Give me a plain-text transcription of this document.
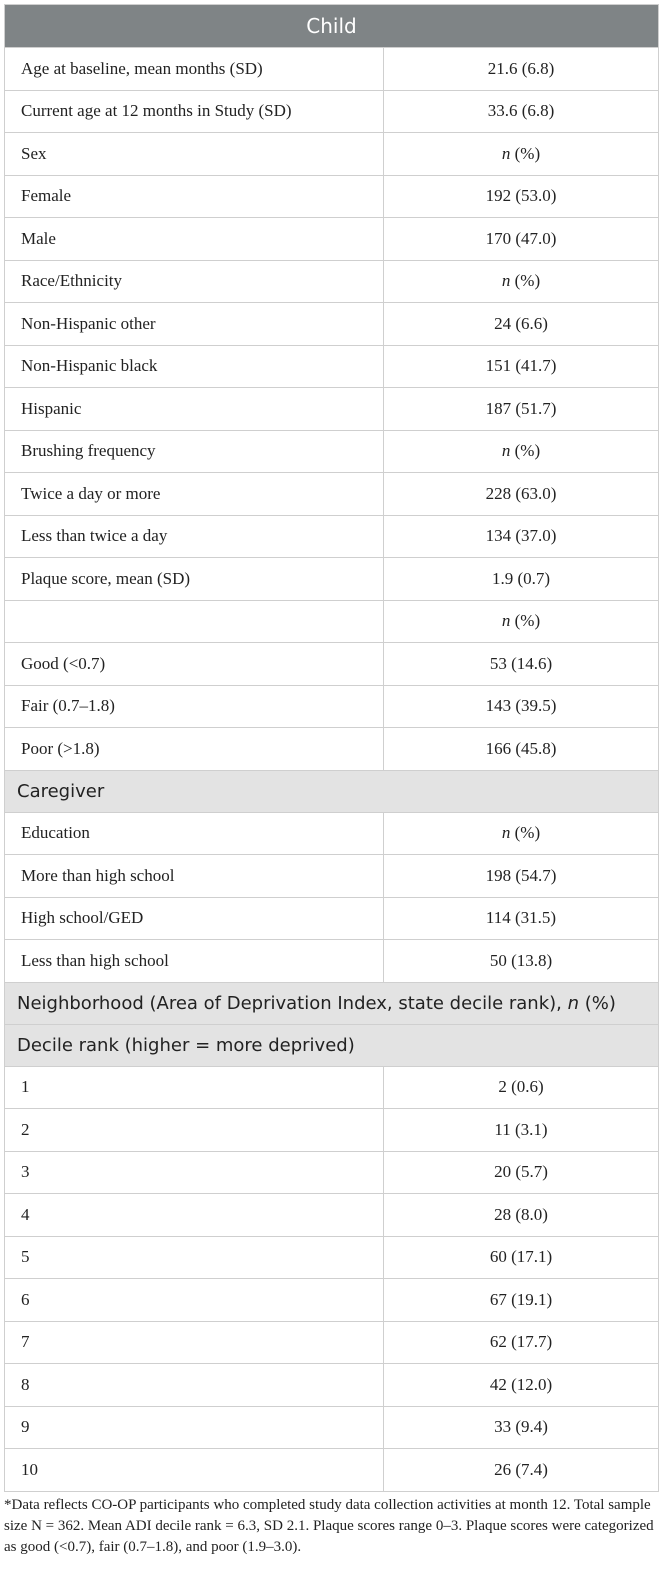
Child	
Age at baseline, mean months (SD)	21.6 (6.8)
Current age at 12 months in Study (SD)	33.6 (6.8)
Sex	n (%)
Female	192 (53.0)
Male	170 (47.0)
Race/Ethnicity	n (%)
Non-Hispanic other	24 (6.6)
Non-Hispanic black	151 (41.7)
Hispanic	187 (51.7)
Brushing frequency	n (%)
Twice a day or more	228 (63.0)
Less than twice a day	134 (37.0)
Plaque score, mean (SD)	1.9 (0.7)
	n (%)
Good (<0.7)	53 (14.6)
Fair (0.7–1.8)	143 (39.5)
Poor (>1.8)	166 (45.8)
Caregiver	
Education	n (%)
More than high school	198 (54.7)
High school/GED	114 (31.5)
Less than high school	50 (13.8)
Neighborhood (Area of Deprivation Index, state decile rank), n (%)	
Decile rank (higher = more deprived)	
1	2 (0.6)
2	11 (3.1)
3	20 (5.7)
4	28 (8.0)
5	60 (17.1)
6	67 (19.1)
7	62 (17.7)
8	42 (12.0)
9	33 (9.4)
10	26 (7.4)
*Data reflects CO-OP participants who completed study data collection activities at month 12. Total sample size N = 362. Mean ADI decile rank = 6.3, SD 2.1. Plaque scores range 0–3. Plaque scores were categorized as good (<0.7), fair (0.7–1.8), and poor (1.9–3.0).
